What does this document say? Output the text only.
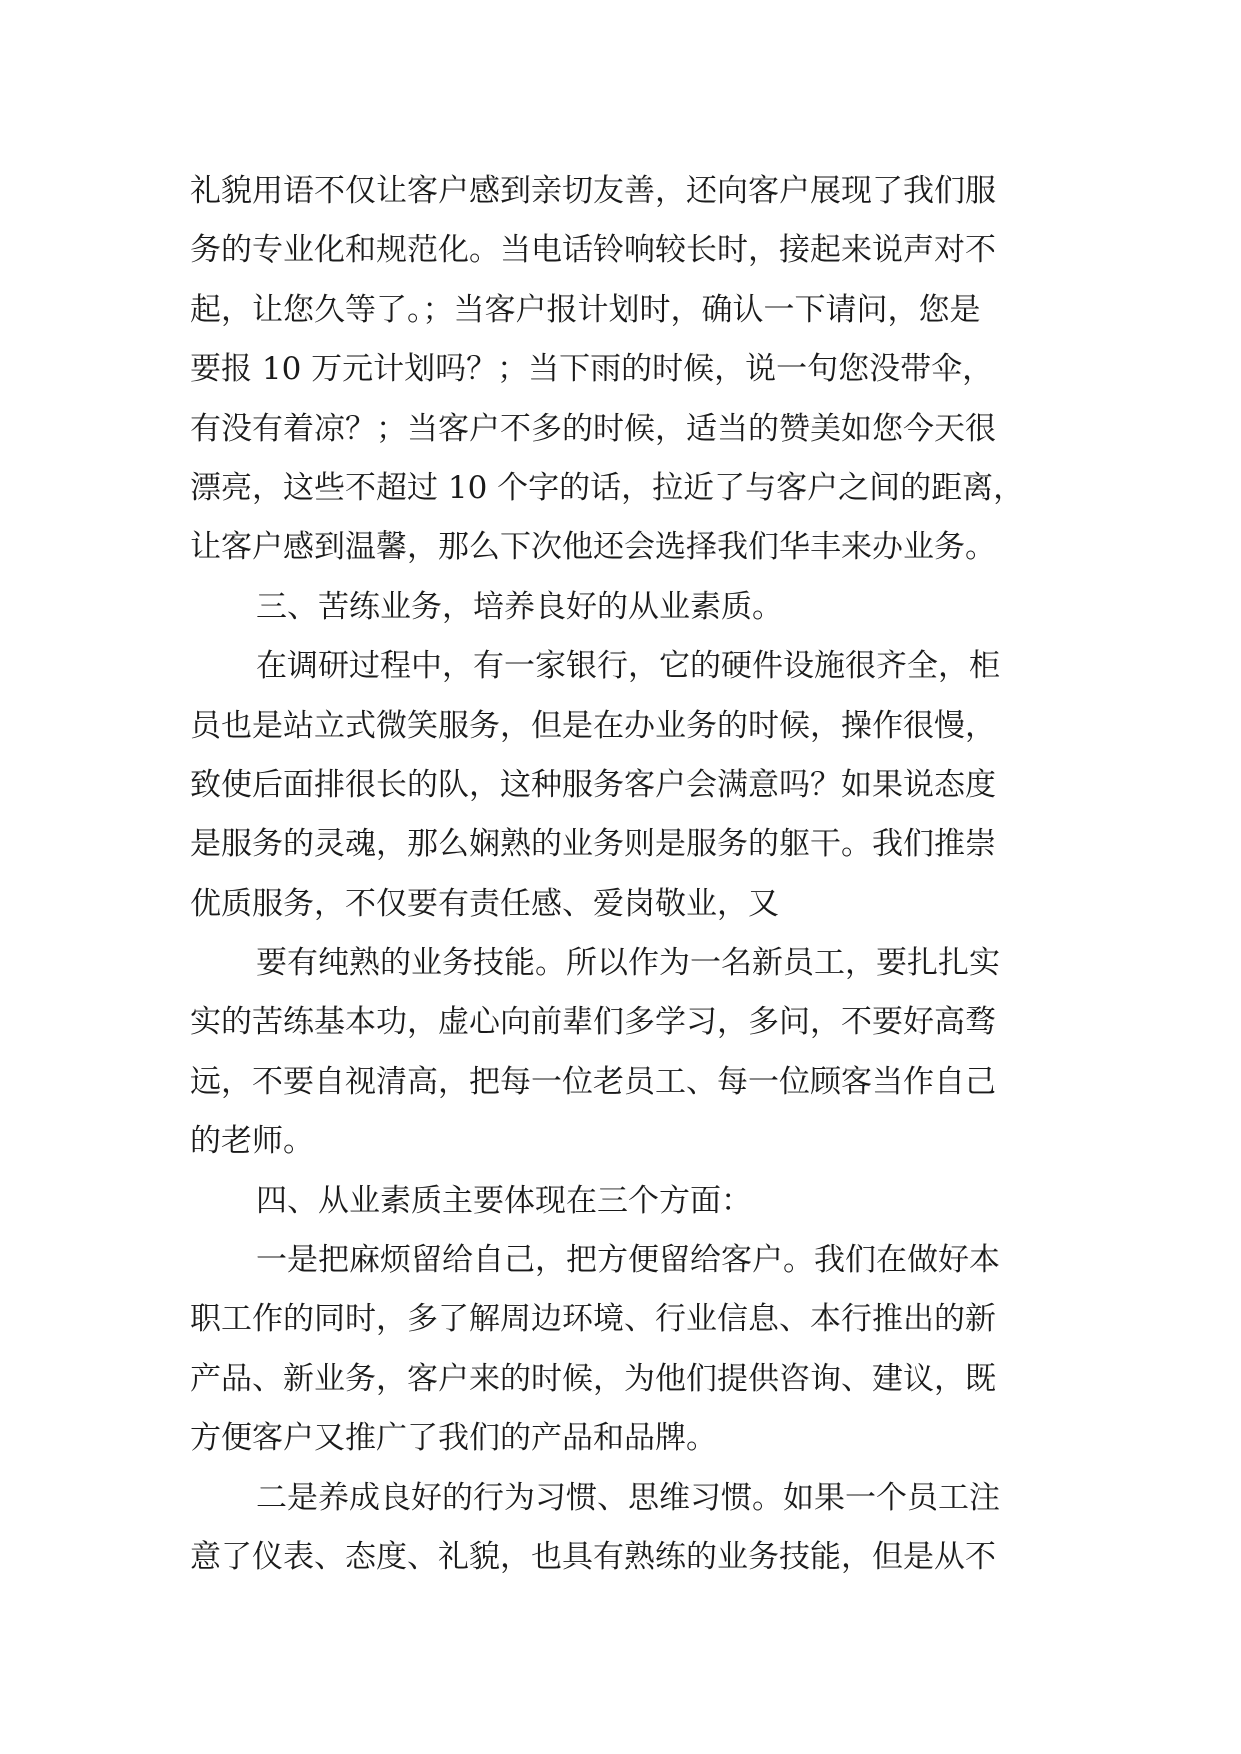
礼貌用语不仅让客户感到亲切友善，还向客户展现了我们服
务的专业化和规范化。当电话铃响较长时，接起来说声对不
起，让您久等了。；当客户报计划时，确认一下请问，您是
要报 10 万元计划吗？；当下雨的时候，说一句您没带伞，
有没有着凉？；当客户不多的时候，适当的赞美如您今天很
漂亮，这些不超过 10 个字的话，拉近了与客户之间的距离，
让客户感到温馨，那么下次他还会选择我们华丰来办业务。
三、苦练业务，培养良好的从业素质。
在调研过程中，有一家银行，它的硬件设施很齐全，柜
员也是站立式微笑服务，但是在办业务的时候，操作很慢，
致使后面排很长的队，这种服务客户会满意吗？如果说态度
是服务的灵魂，那么娴熟的业务则是服务的躯干。我们推崇
优质服务，不仅要有责任感、爱岗敬业，又
要有纯熟的业务技能。所以作为一名新员工，要扎扎实
实的苦练基本功，虚心向前辈们多学习，多问，不要好高骛
远，不要自视清高，把每一位老员工、每一位顾客当作自己
的老师。
四、从业素质主要体现在三个方面：
一是把麻烦留给自己，把方便留给客户。我们在做好本
职工作的同时，多了解周边环境、行业信息、本行推出的新
产品、新业务，客户来的时候，为他们提供咨询、建议，既
方便客户又推广了我们的产品和品牌。
二是养成良好的行为习惯、思维习惯。如果一个员工注
意了仪表、态度、礼貌，也具有熟练的业务技能，但是从不
